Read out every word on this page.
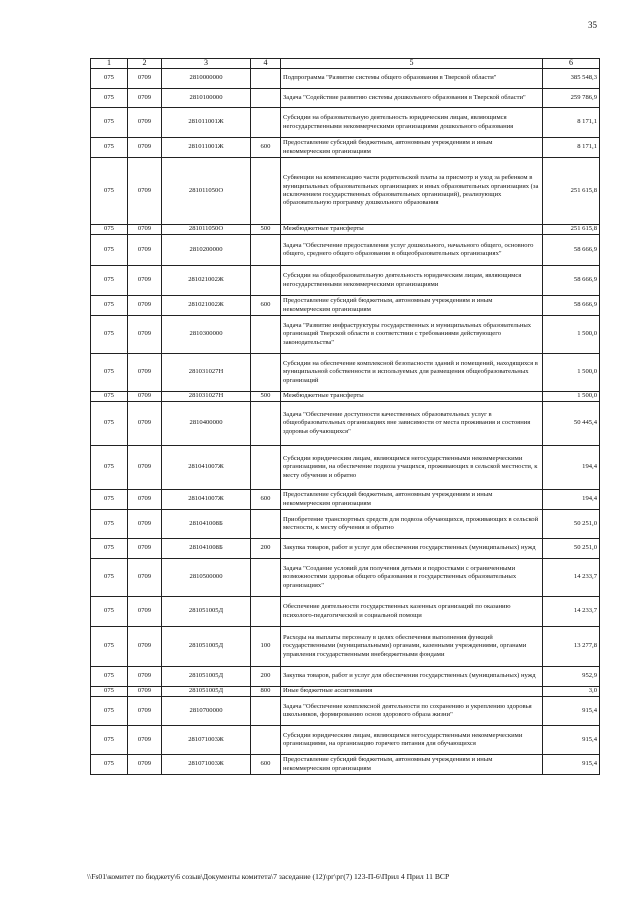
35
1	2	3	4	5	6
075	0709	2810000000		Подпрограмма "Развитие системы общего образования в Тверской области"	385 548,3
075	0709	2810100000		Задача "Содействие развитию системы дошкольного образования в Тверской области"	259 786,9
075	0709	281011001Ж		Субсидии на образовательную деятельность юридическим лицам, являющимся негосударственными некоммерческими организациями дошкольного образования	8 171,1
075	0709	281011001Ж	600	Предоставление субсидий бюджетным, автономным учреждениям и иным некоммерческим организациям	8 171,1
075	0709	281011050О		Субвенции на компенсацию части родительской платы за присмотр и уход за ребенком в муниципальных образовательных организациях и иных образовательных организациях (за исключением государственных образовательных организаций), реализующих образовательную программу дошкольного образования	251 615,8
075	0709	281011050О	500	Межбюджетные трансферты	251 615,8
075	0709	2810200000		Задача "Обеспечение предоставления услуг дошкольного, начального общего, основного общего, среднего общего образования в общеобразовательных организациях"	58 666,9
075	0709	281021002Ж		Субсидии на общеобразовательную деятельность юридическим лицам, являющимся негосударственными некоммерческими организациями	58 666,9
075	0709	281021002Ж	600	Предоставление субсидий бюджетным, автономным учреждениям и иным некоммерческим организациям	58 666,9
075	0709	2810300000		Задача "Развитие инфраструктуры государственных и муниципальных образовательных организаций Тверской области в соответствии с требованиями действующего законодательства"	1 500,0
075	0709	281031027Н		Субсидии на обеспечение комплексной безопасности зданий и помещений, находящихся в муниципальной собственности и используемых для размещения общеобразовательных организаций	1 500,0
075	0709	281031027Н	500	Межбюджетные трансферты	1 500,0
075	0709	2810400000		Задача "Обеспечение доступности качественных образовательных услуг в общеобразовательных организациях вне зависимости от места проживания и состояния здоровья обучающихся"	50 445,4
075	0709	281041007Ж		Субсидии юридическим лицам, являющимся негосударственными некоммерческими организациями, на обеспечение подвоза учащихся, проживающих в сельской местности, к месту обучения и обратно	194,4
075	0709	281041007Ж	600	Предоставление субсидий бюджетным, автономным учреждениям и иным некоммерческим организациям	194,4
075	0709	281041008Б		Приобретение транспортных средств для подвоза обучающихся, проживающих в сельской местности, к месту обучения и обратно	50 251,0
075	0709	281041008Б	200	Закупка товаров, работ и услуг для обеспечения государственных (муниципальных) нужд	50 251,0
075	0709	2810500000		Задача "Создание условий для получения детьми и подростками с ограниченными возможностями здоровья общего образования в государственных образовательных организациях"	14 233,7
075	0709	281051005Д		Обеспечение деятельности государственных казенных организаций по оказанию психолого-педагогической и социальной помощи	14 233,7
075	0709	281051005Д	100	Расходы на выплаты персоналу в целях обеспечения выполнения функций государственными (муниципальными) органами, казенными учреждениями, органами управления государственными внебюджетными фондами	13 277,8
075	0709	281051005Д	200	Закупка товаров, работ и услуг для обеспечения государственных (муниципальных) нужд	952,9
075	0709	281051005Д	800	Иные бюджетные ассигнования	3,0
075	0709	2810700000		Задача "Обеспечение комплексной деятельности по сохранению и укреплению здоровья школьников, формированию основ здорового образа жизни"	915,4
075	0709	281071003Ж		Субсидии юридическим лицам, являющимся негосударственными некоммерческими организациями, на организацию горячего питания для обучающихся	915,4
075	0709	281071003Ж	600	Предоставление субсидий бюджетным, автономным учреждениям и иным некоммерческим организациям	915,4
\\Fs01\комитет по бюджету\6 созыв\Документы комитета\7 заседание (12)\рг\рг(7) 123-П-6\Прил 4 Прил 11 ВСР
